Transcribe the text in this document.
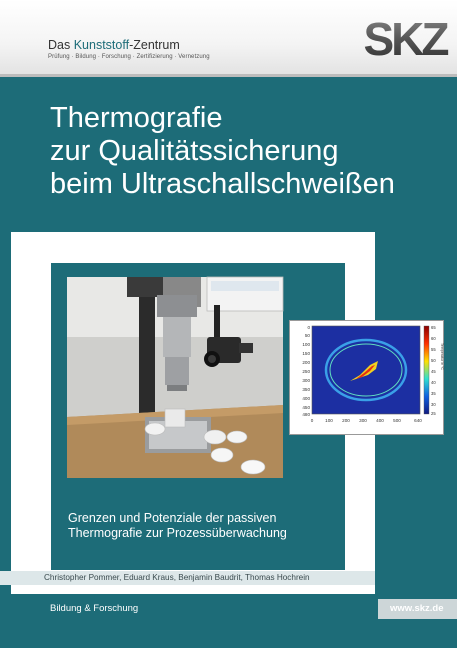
Das Kunststoff-Zentrum
Prüfung · Bildung · Forschung · Zertifizierung · Vernetzung	SKZ
Thermografie
zur Qualitätssicherung
beim Ultraschallschweißen
0
50
100
150
200
250
300
350
400
450
480
0	100 200 300 400 500	640
65
60
55
50
45
40
35
30
25
Temperatur in °C
Grenzen und Potenziale der passiven
Thermografie zur Prozessüberwachung
Christopher Pommer, Eduard Kraus, Benjamin Baudrit, Thomas Hochrein
Bildung & Forschung	www.skz.de
